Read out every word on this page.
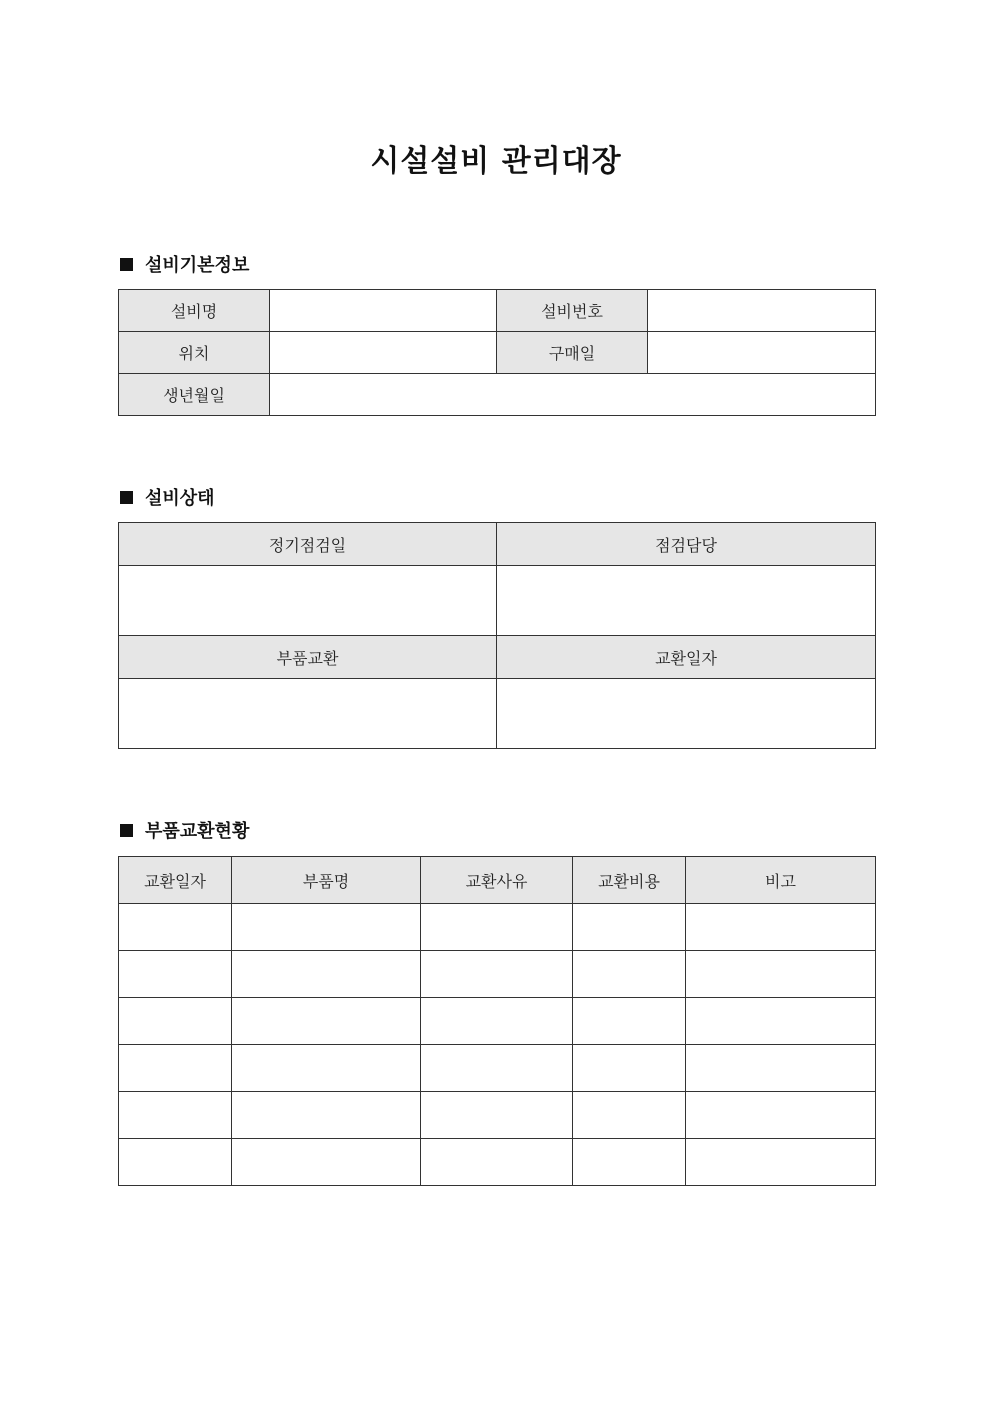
시설설비 관리대장
설비기본정보
설비명		설비번호	
위치		구매일	
생년월일			
설비상태
정기점검일	점검담당

부품교환	교환일자

부품교환현황
교환일자	부품명	교환사유	교환비용	비고
